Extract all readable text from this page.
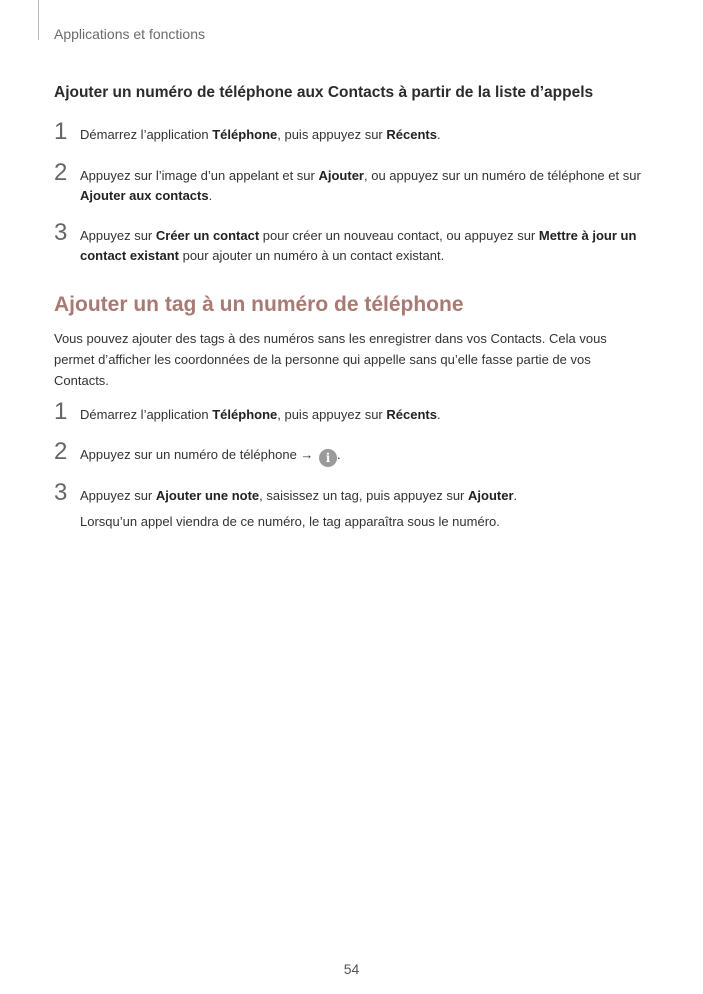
Applications et fonctions
Ajouter un numéro de téléphone aux Contacts à partir de la liste d’appels
1 Démarrez l’application Téléphone, puis appuyez sur Récents.
2 Appuyez sur l’image d’un appelant et sur Ajouter, ou appuyez sur un numéro de téléphone et sur Ajouter aux contacts.
3 Appuyez sur Créer un contact pour créer un nouveau contact, ou appuyez sur Mettre à jour un contact existant pour ajouter un numéro à un contact existant.
Ajouter un tag à un numéro de téléphone
Vous pouvez ajouter des tags à des numéros sans les enregistrer dans vos Contacts. Cela vous permet d’afficher les coordonnées de la personne qui appelle sans qu’elle fasse partie de vos Contacts.
1 Démarrez l’application Téléphone, puis appuyez sur Récents.
2 Appuyez sur un numéro de téléphone → i .
3 Appuyez sur Ajouter une note, saisissez un tag, puis appuyez sur Ajouter.
Lorsqu’un appel viendra de ce numéro, le tag apparaîtra sous le numéro.
54
